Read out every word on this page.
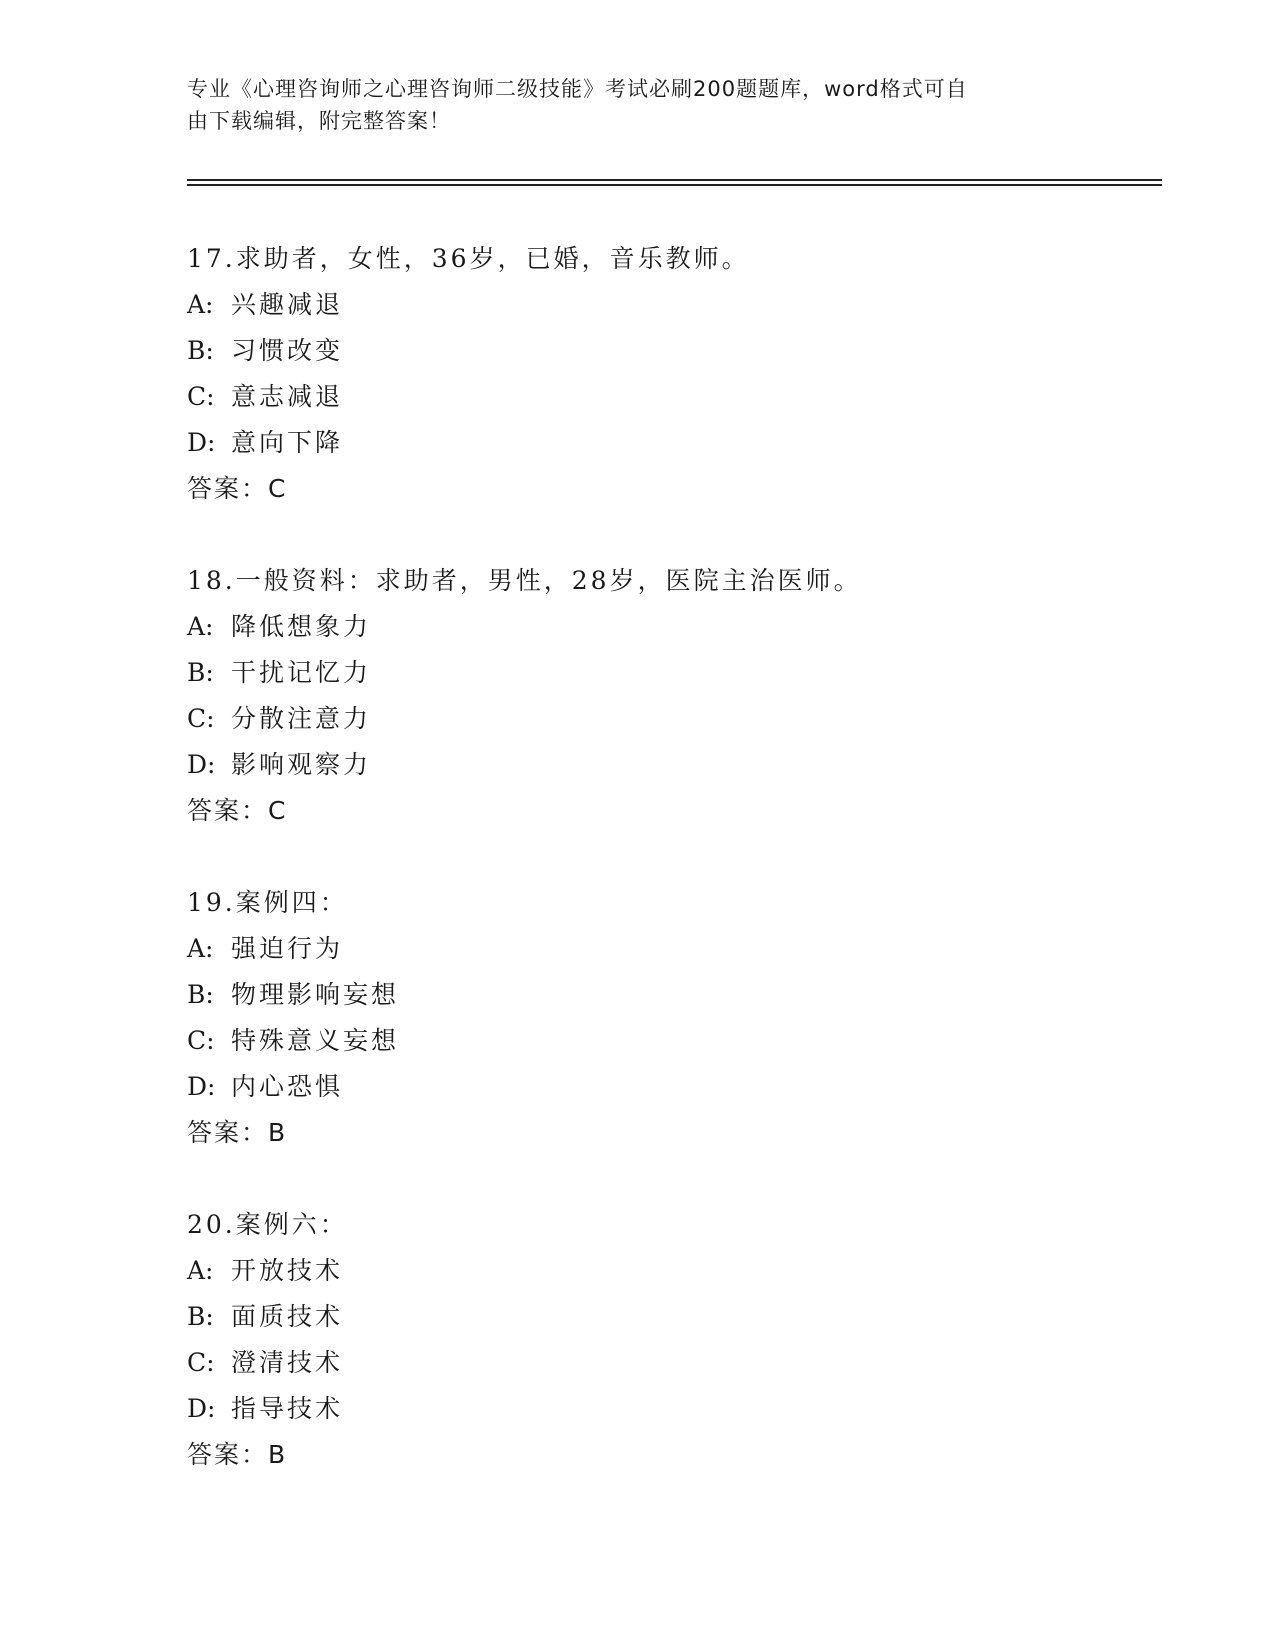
专业《心理咨询师之心理咨询师二级技能》考试必刷200题题库，word格式可自
由下载编辑，附完整答案！
17.求助者，女性，36岁，已婚，音乐教师。
A: 兴趣减退
B: 习惯改变
C: 意志减退
D: 意向下降
答案：C
18.一般资料：求助者，男性，28岁，医院主治医师。
A: 降低想象力
B: 干扰记忆力
C: 分散注意力
D: 影响观察力
答案：C
19.案例四：
A: 强迫行为
B: 物理影响妄想
C: 特殊意义妄想
D: 内心恐惧
答案：B
20.案例六：
A: 开放技术
B: 面质技术
C: 澄清技术
D: 指导技术
答案：B
